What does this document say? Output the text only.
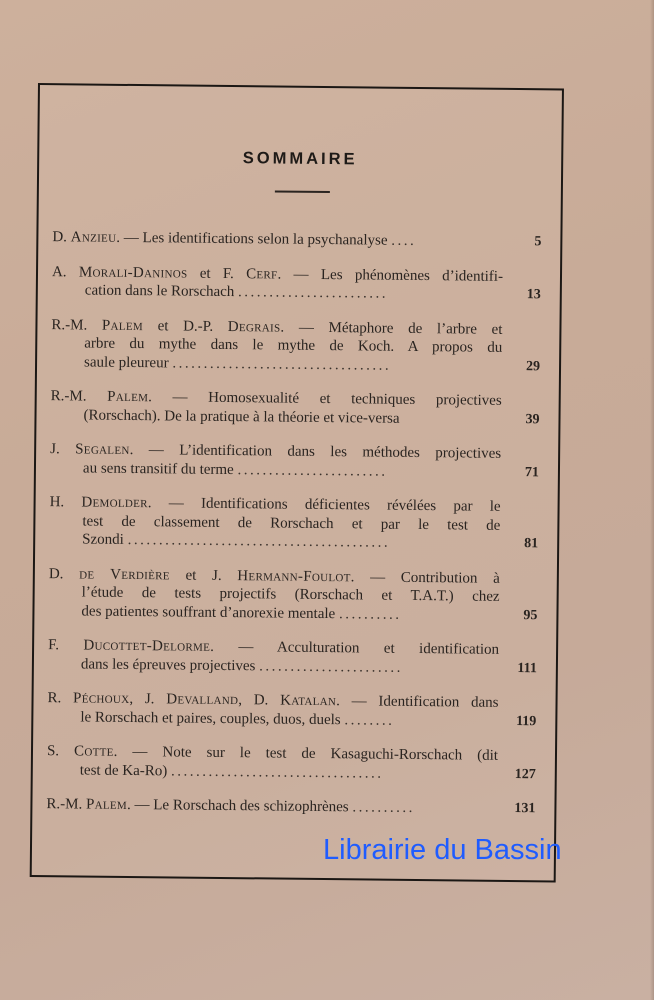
SOMMAIRE
D. Anzieu. — Les identifications selon la psychanalyse ....	5
A. Morali-Daninos et F. Cerf. — Les phénomènes d’identifi-
cation dans le Rorschach ........................	13
R.-M. Palem et D.-P. Degrais. — Métaphore de l’arbre et
arbre du mythe dans le mythe de Koch. A propos du
saule pleureur ...................................	29
R.-M. Palem. — Homosexualité et techniques projectives
(Rorschach). De la pratique à la théorie et vice-versa	39
J. Segalen. — L’identification dans les méthodes projectives
au sens transitif du terme ........................	71
H. Demolder. — Identifications déficientes révélées par le
test de classement de Rorschach et par le test de
Szondi ..........................................	81
D. de Verdière et J. Hermann-Foulot. — Contribution à
l’étude de tests projectifs (Rorschach et T.A.T.) chez
des patientes souffrant d’anorexie mentale ..........	95
F. Ducottet-Delorme. — Acculturation et identification
dans les épreuves projectives .......................	111
R. Péchoux, J. Devalland, D. Katalan. — Identification dans
le Rorschach et paires, couples, duos, duels ........	119
S. Cotte. — Note sur le test de Kasaguchi-Rorschach (dit
test de Ka-Ro) ..................................	127
R.-M. Palem. — Le Rorschach des schizophrènes ..........	131
Librairie du Bassin
